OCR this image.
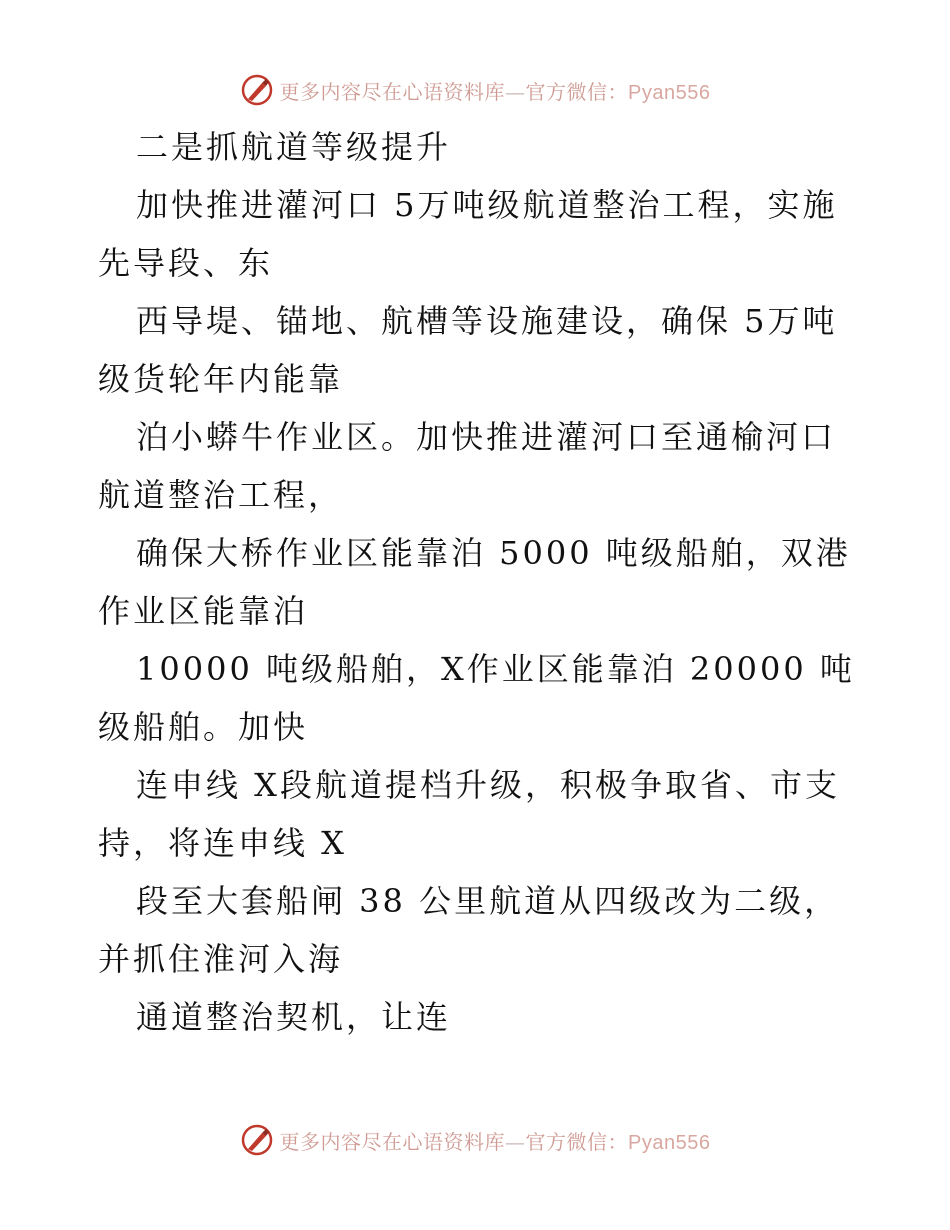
更多内容尽在心语资料库—官方微信：Pyan556

二是抓航道等级提升

加快推进灌河口 5万吨级航道整治工程，实施先导段、东

西导堤、锚地、航槽等设施建设，确保 5万吨级货轮年内能靠

泊小蟒牛作业区。加快推进灌河口至通榆河口航道整治工程，

确保大桥作业区能靠泊 5000 吨级船舶，双港作业区能靠泊

10000 吨级船舶，X作业区能靠泊 20000 吨级船舶。加快

连申线 X段航道提档升级，积极争取省、市支持，将连申线 X

段至大套船闸 38 公里航道从四级改为二级，并抓住淮河入海

通道整治契机，让连

更多内容尽在心语资料库—官方微信：Pyan556
